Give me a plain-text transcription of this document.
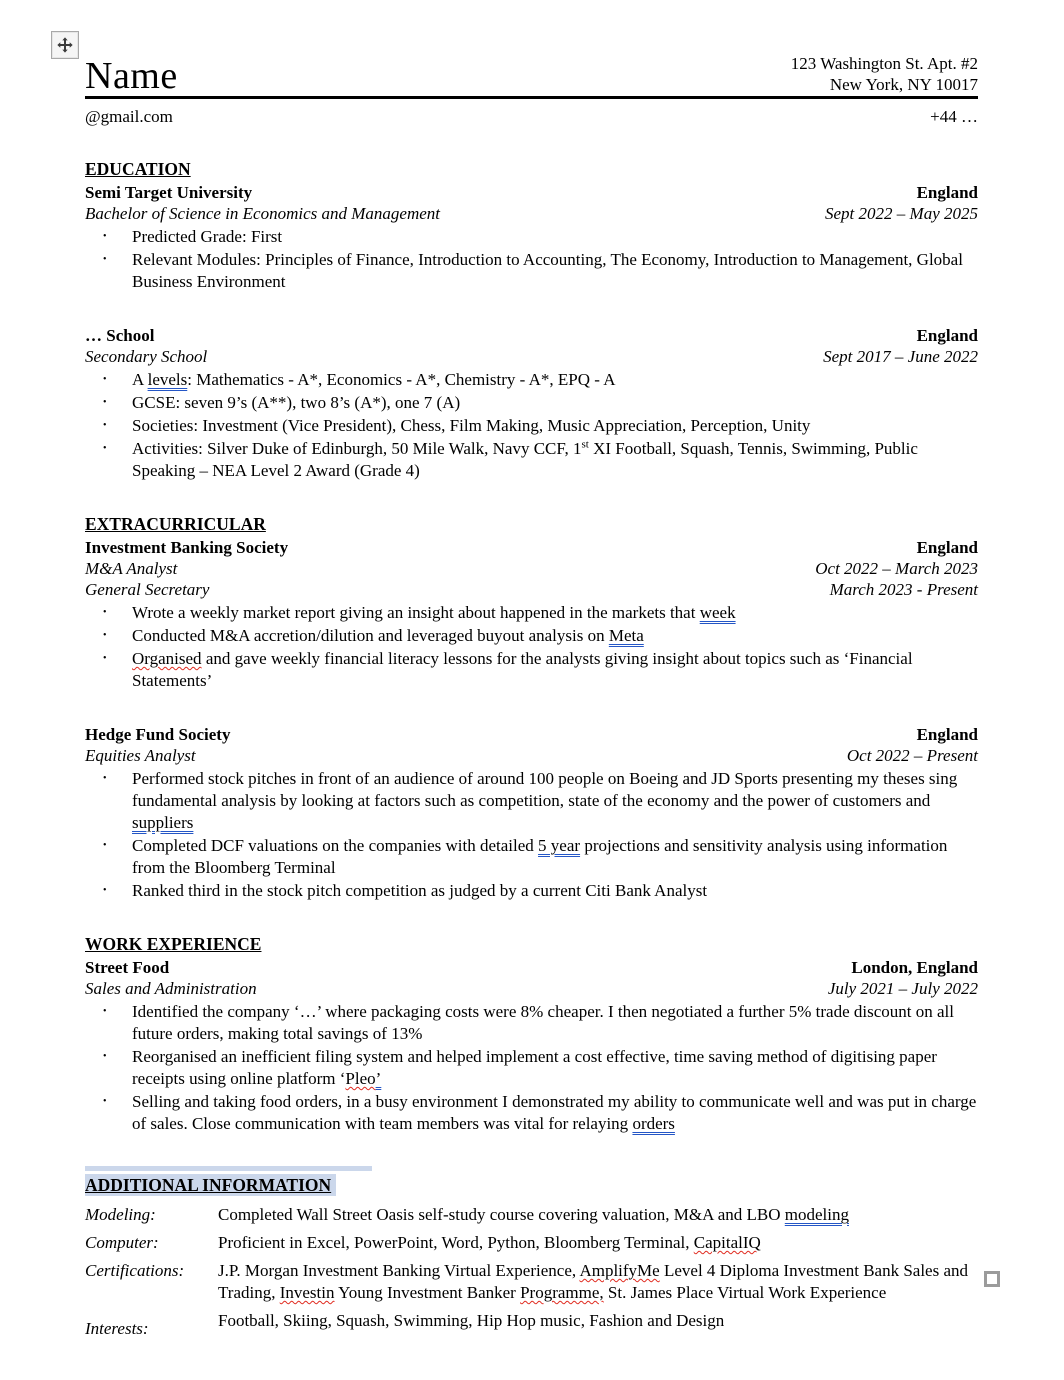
Name	123 Washington St. Apt. #2
New York, NY 10017
@gmail.com	+44 …
EDUCATION
Semi Target University	England
Bachelor of Science in Economics and Management	Sept 2022 – May 2025
•	Predicted Grade: First
•	Relevant Modules: Principles of Finance, Introduction to Accounting, The Economy, Introduction to Management, Global Business Environment
… School	England
Secondary School	Sept 2017 – June 2022
•	A levels: Mathematics - A*, Economics - A*, Chemistry - A*, EPQ - A
•	GCSE: seven 9’s (A**), two 8’s (A*), one 7 (A)
•	Societies: Investment (Vice President), Chess, Film Making, Music Appreciation, Perception, Unity
•	Activities: Silver Duke of Edinburgh, 50 Mile Walk, Navy CCF, 1st XI Football, Squash, Tennis, Swimming, Public Speaking – NEA Level 2 Award (Grade 4)
EXTRACURRICULAR
Investment Banking Society	England
M&A Analyst	Oct 2022 – March 2023
General Secretary	March 2023 - Present
•	Wrote a weekly market report giving an insight about happened in the markets that week
•	Conducted M&A accretion/dilution and leveraged buyout analysis on Meta
•	Organised and gave weekly financial literacy lessons for the analysts giving insight about topics such as ‘Financial Statements’
Hedge Fund Society	England
Equities Analyst	Oct 2022 – Present
•	Performed stock pitches in front of an audience of around 100 people on Boeing and JD Sports presenting my theses sing fundamental analysis by looking at factors such as competition, state of the economy and the power of customers and suppliers
•	Completed DCF valuations on the companies with detailed 5 year projections and sensitivity analysis using information from the Bloomberg Terminal
•	Ranked third in the stock pitch competition as judged by a current Citi Bank Analyst
WORK EXPERIENCE
Street Food	London, England
Sales and Administration	July 2021 – July 2022
•	Identified the company ‘…’ where packaging costs were 8% cheaper. I then negotiated a further 5% trade discount on all future orders, making total savings of 13%
•	Reorganised an inefficient filing system and helped implement a cost effective, time saving method of digitising paper receipts using online platform ‘Pleo’
•	Selling and taking food orders, in a busy environment I demonstrated my ability to communicate well and was put in charge of sales. Close communication with team members was vital for relaying orders
ADDITIONAL INFORMATION
Modeling:	Completed Wall Street Oasis self-study course covering valuation, M&A and LBO modeling
Computer:	Proficient in Excel, PowerPoint, Word, Python, Bloomberg Terminal, CapitalIQ
Certifications:	J.P. Morgan Investment Banking Virtual Experience, AmplifyMe Level 4 Diploma Investment Bank Sales and Trading, Investin Young Investment Banker Programme, St. James Place Virtual Work Experience
Interests:	Football, Skiing, Squash, Swimming, Hip Hop music, Fashion and Design
